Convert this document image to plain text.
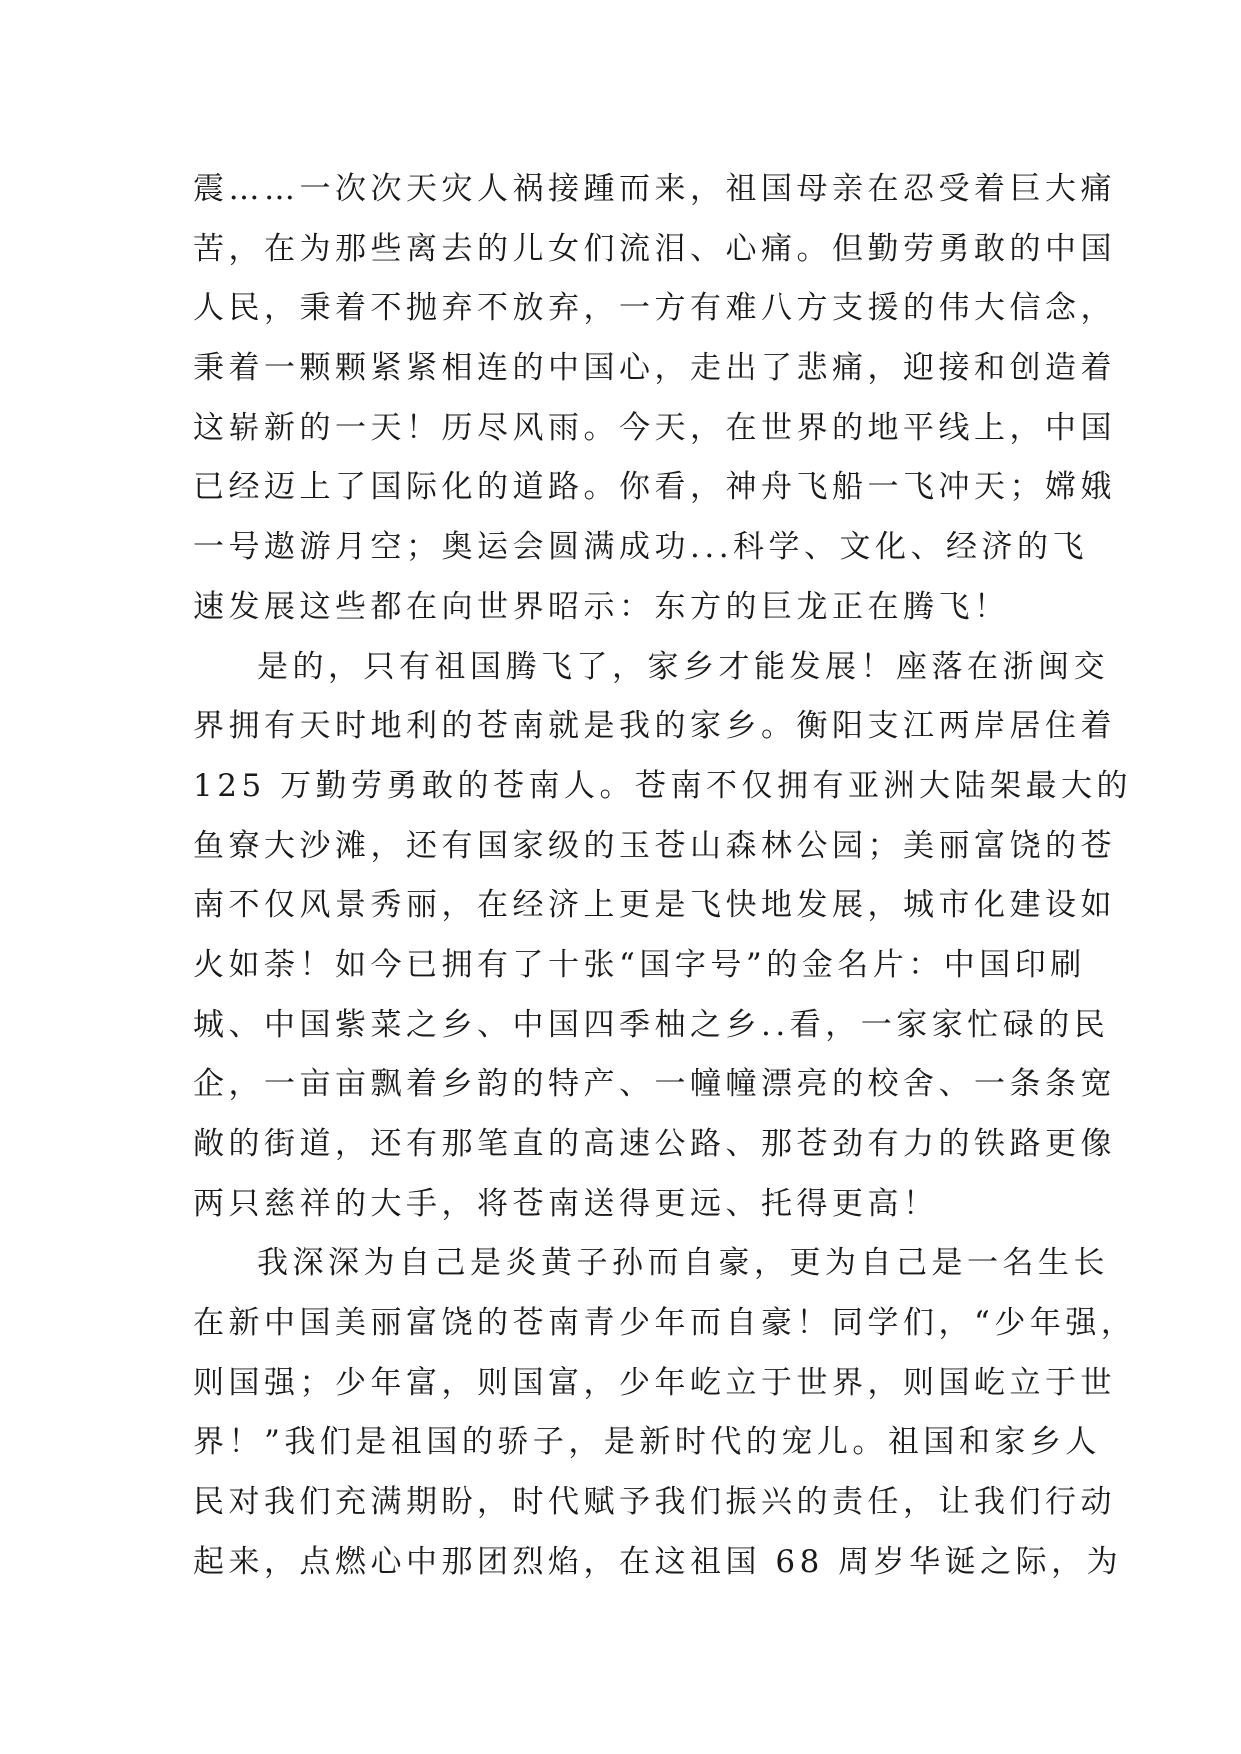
震……一次次天灾人祸接踵而来，祖国母亲在忍受着巨大痛
苦，在为那些离去的儿女们流泪、心痛。但勤劳勇敢的中国
人民，秉着不抛弃不放弃，一方有难八方支援的伟大信念，
秉着一颗颗紧紧相连的中国心，走出了悲痛，迎接和创造着
这崭新的一天！历尽风雨。今天，在世界的地平线上，中国
已经迈上了国际化的道路。你看，神舟飞船一飞冲天；嫦娥
一号遨游月空；奥运会圆满成功...科学、文化、经济的飞
速发展这些都在向世界昭示：东方的巨龙正在腾飞！
是的，只有祖国腾飞了，家乡才能发展！座落在浙闽交
界拥有天时地利的苍南就是我的家乡。衡阳支江两岸居住着
125 万勤劳勇敢的苍南人。苍南不仅拥有亚洲大陆架最大的
鱼寮大沙滩，还有国家级的玉苍山森林公园；美丽富饶的苍
南不仅风景秀丽，在经济上更是飞快地发展，城市化建设如
火如荼！如今已拥有了十张“国字号”的金名片：中国印刷
城、中国紫菜之乡、中国四季柚之乡..看，一家家忙碌的民
企，一亩亩飘着乡韵的特产、一幢幢漂亮的校舍、一条条宽
敞的街道，还有那笔直的高速公路、那苍劲有力的铁路更像
两只慈祥的大手，将苍南送得更远、托得更高！
我深深为自己是炎黄子孙而自豪，更为自己是一名生长
在新中国美丽富饶的苍南青少年而自豪！同学们，“少年强，
则国强；少年富，则国富，少年屹立于世界，则国屹立于世
界！”我们是祖国的骄子，是新时代的宠儿。祖国和家乡人
民对我们充满期盼，时代赋予我们振兴的责任，让我们行动
起来，点燃心中那团烈焰，在这祖国 68 周岁华诞之际，为
